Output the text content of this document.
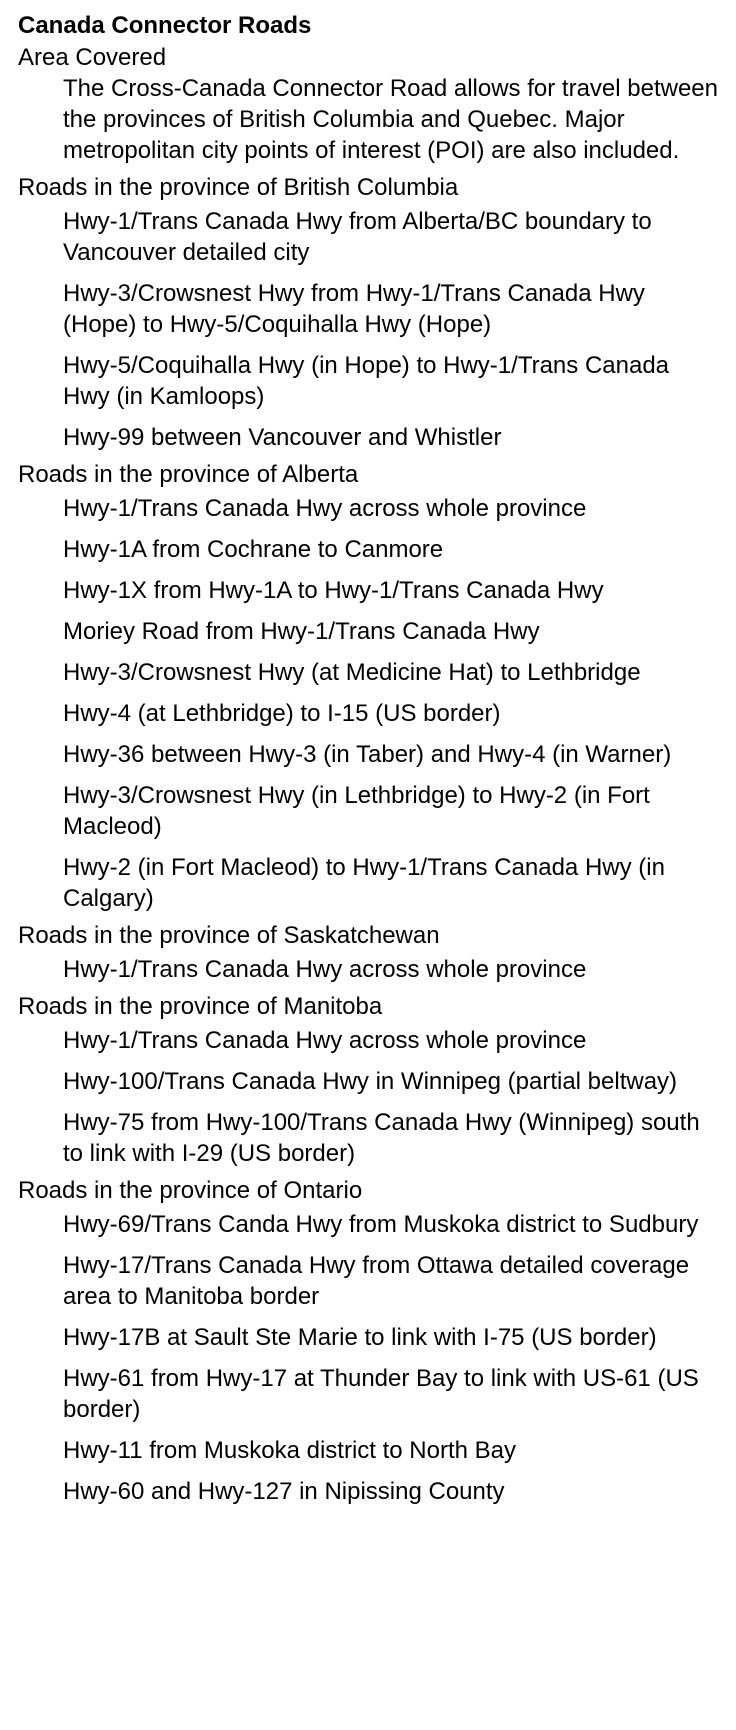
Canada Connector Roads
Area Covered

The Cross-Canada Connector Road allows for travel between the provinces of British Columbia and Quebec. Major metropolitan city points of interest (POI) are also included.

Roads in the province of British Columbia

Hwy-1/Trans Canada Hwy from Alberta/BC boundary to Vancouver detailed city

Hwy-3/Crowsnest Hwy from Hwy-1/Trans Canada Hwy (Hope) to Hwy-5/Coquihalla Hwy (Hope)

Hwy-5/Coquihalla Hwy (in Hope) to Hwy-1/Trans Canada Hwy (in Kamloops)

Hwy-99 between Vancouver and Whistler

Roads in the province of Alberta

Hwy-1/Trans Canada Hwy across whole province

Hwy-1A from Cochrane to Canmore

Hwy-1X from Hwy-1A to Hwy-1/Trans Canada Hwy

Moriey Road from Hwy-1/Trans Canada Hwy

Hwy-3/Crowsnest Hwy (at Medicine Hat) to Lethbridge

Hwy-4 (at Lethbridge) to I-15 (US border)

Hwy-36 between Hwy-3 (in Taber) and Hwy-4 (in Warner)

Hwy-3/Crowsnest Hwy (in Lethbridge) to Hwy-2 (in Fort Macleod)

Hwy-2 (in Fort Macleod) to Hwy-1/Trans Canada Hwy (in Calgary)

Roads in the province of Saskatchewan

Hwy-1/Trans Canada Hwy across whole province

Roads in the province of Manitoba

Hwy-1/Trans Canada Hwy across whole province

Hwy-100/Trans Canada Hwy in Winnipeg (partial beltway)

Hwy-75 from Hwy-100/Trans Canada Hwy (Winnipeg) south to link with I-29 (US border)

Roads in the province of Ontario

Hwy-69/Trans Canda Hwy from Muskoka district to Sudbury

Hwy-17/Trans Canada Hwy from Ottawa detailed coverage area to Manitoba border

Hwy-17B at Sault Ste Marie to link with I-75 (US border)

Hwy-61 from Hwy-17 at Thunder Bay to link with US-61 (US border)

Hwy-11 from Muskoka district to North Bay

Hwy-60 and Hwy-127 in Nipissing County
